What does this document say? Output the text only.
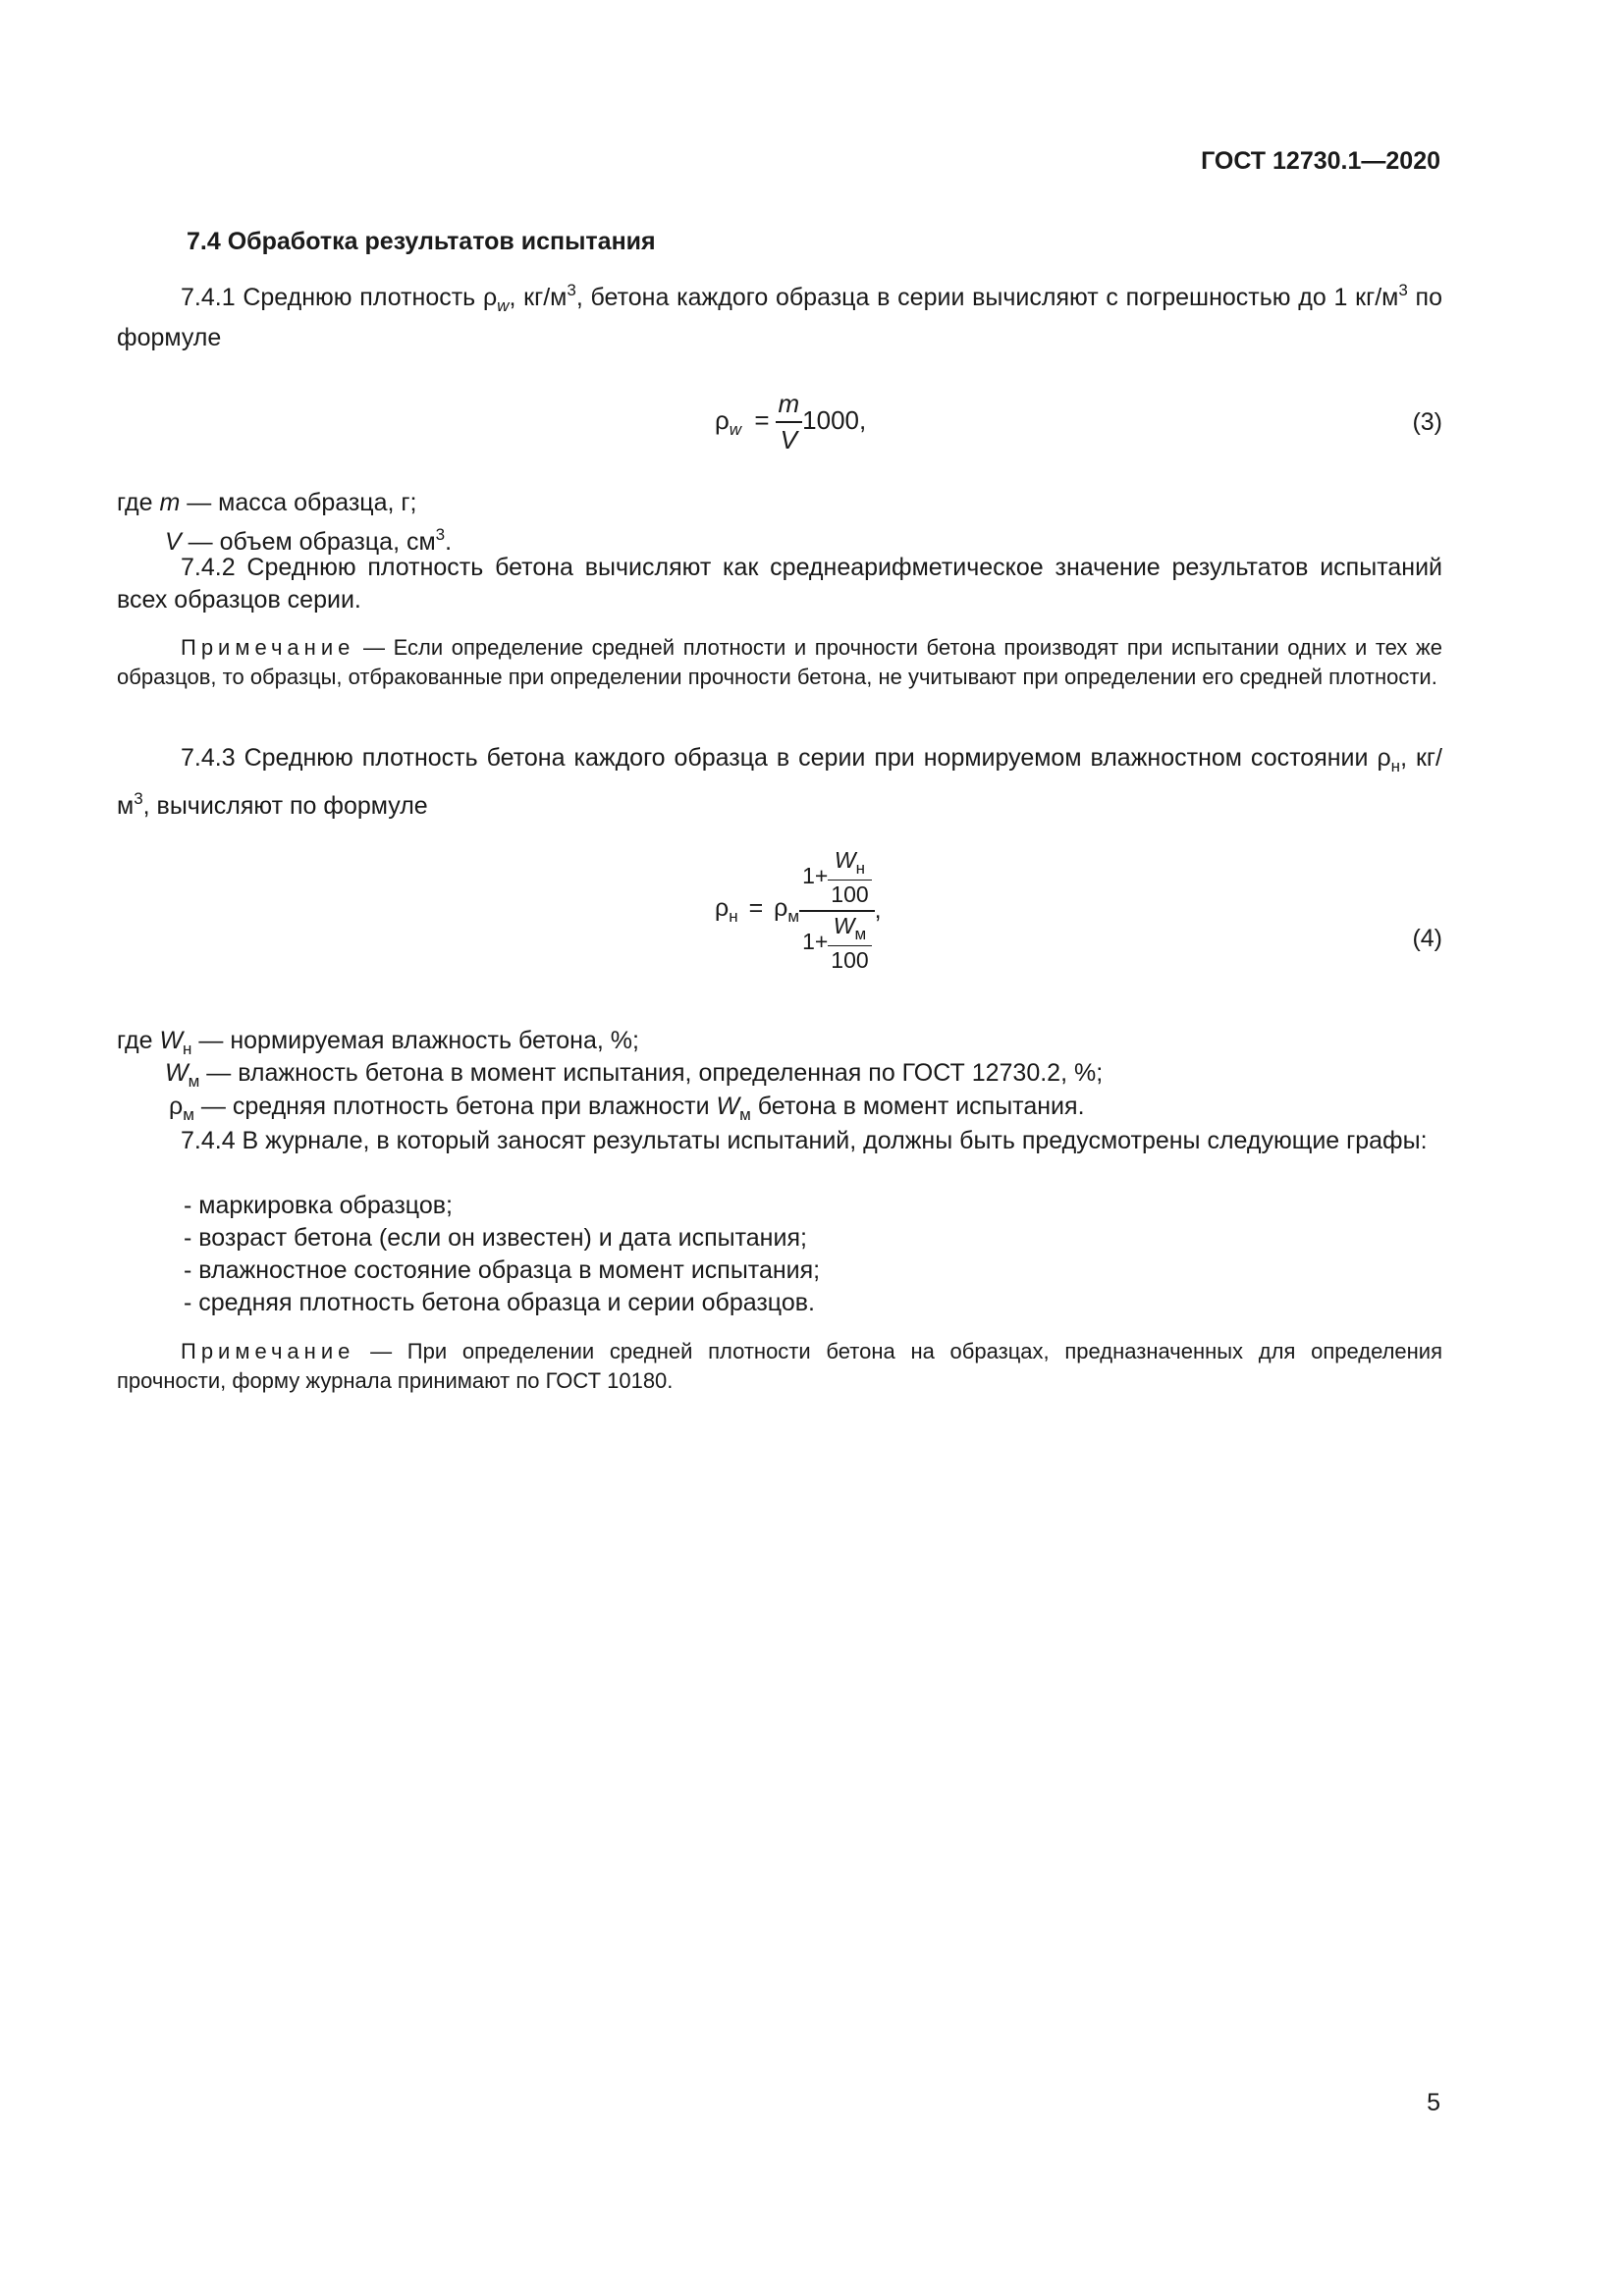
ГОСТ 12730.1—2020
7.4 Обработка результатов испытания
7.4.1 Среднюю плотность $\rho_w$, $кг/м^3$, бетона каждого образца в серии вычисляют с погрешностью до 1 $кг/м^3$ по формуле
$\rho_w = \frac{m}{V} 1000$,	(3)
где m — масса образца, г;
V — объем образца, $см^3$.
7.4.2 Среднюю плотность бетона вычисляют как среднеарифметическое значение результатов испытаний всех образцов серии.
Примечание — Если определение средней плотности и прочности бетона производят при испытании одних и тех же образцов, то образцы, отбракованные при определении прочности бетона, не учитывают при определении его средней плотности.
7.4.3 Среднюю плотность бетона каждого образца в серии при нормируемом влажностном состоянии $\rho_н$, $кг/м^3$, вычисляют по формуле
$\rho_н = \rho_м \frac{1+ \frac{W_н}{100}}{1+ \frac{W_м}{100}}$ ,
(4)
где $W_н$ — нормируемая влажность бетона, %;
$W_м$ — влажность бетона в момент испытания, определенная по ГОСТ 12730.2, %;
$\rho_м$ — средняя плотность бетона при влажности $W_м$ бетона в момент испытания.
7.4.4 В журнале, в который заносят результаты испытаний, должны быть предусмотрены следующие графы:
- маркировка образцов;
- возраст бетона (если он известен) и дата испытания;
- влажностное состояние образца в момент испытания;
- средняя плотность бетона образца и серии образцов.
Примечание — При определении средней плотности бетона на образцах, предназначенных для определения прочности, форму журнала принимают по ГОСТ 10180.
5
